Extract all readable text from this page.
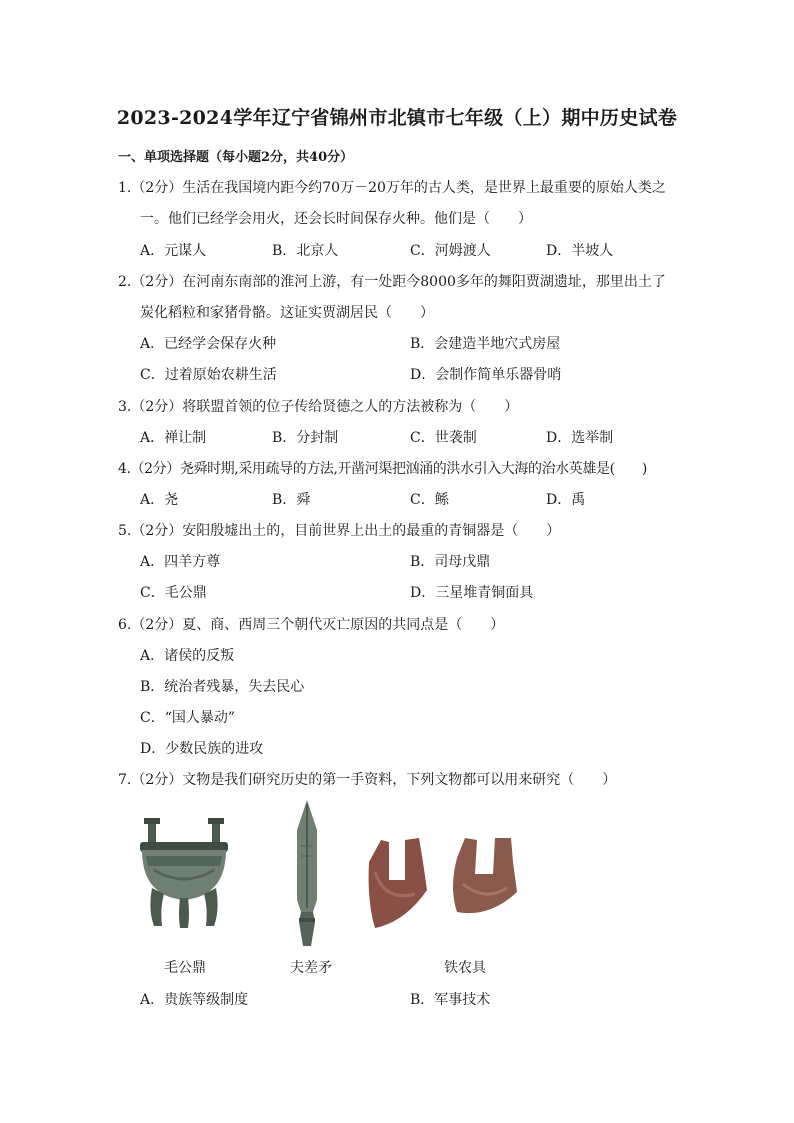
2023-2024学年辽宁省锦州市北镇市七年级（上）期中历史试卷
一、单项选择题（每小题2分，共40分）
1.（2分）生活在我国境内距今约70万－20万年的古人类，是世界上最重要的原始人类之
一。他们已经学会用火，还会长时间保存火种。他们是（　　）
A．元谋人	B．北京人	C．河姆渡人	D．半坡人
2.（2分）在河南东南部的淮河上游，有一处距今8000多年的舞阳贾湖遗址，那里出土了
炭化稻粒和家猪骨骼。这证实贾湖居民（　　）
A．已经学会保存火种	B．会建造半地穴式房屋
C．过着原始农耕生活	D．会制作简单乐器骨哨
3.（2分）将联盟首领的位子传给贤德之人的方法被称为（　　）
A．禅让制	B．分封制	C．世袭制	D．选举制
4.（2分）尧舜时期,采用疏导的方法,开凿河渠把汹涌的洪水引入大海的治水英雄是(　　)
A．尧	B．舜	C．鲧	D．禹
5.（2分）安阳殷墟出土的，目前世界上出土的最重的青铜器是（　　）
A．四羊方尊	B．司母戊鼎
C．毛公鼎	D．三星堆青铜面具
6.（2分）夏、商、西周三个朝代灭亡原因的共同点是（　　）
A．诸侯的反叛
B．统治者残暴，失去民心
C．“国人暴动”
D．少数民族的进攻
7.（2分）文物是我们研究历史的第一手资料，下列文物都可以用来研究（　　）
毛公鼎	夫差矛	铁农具
A．贵族等级制度	B．军事技术
